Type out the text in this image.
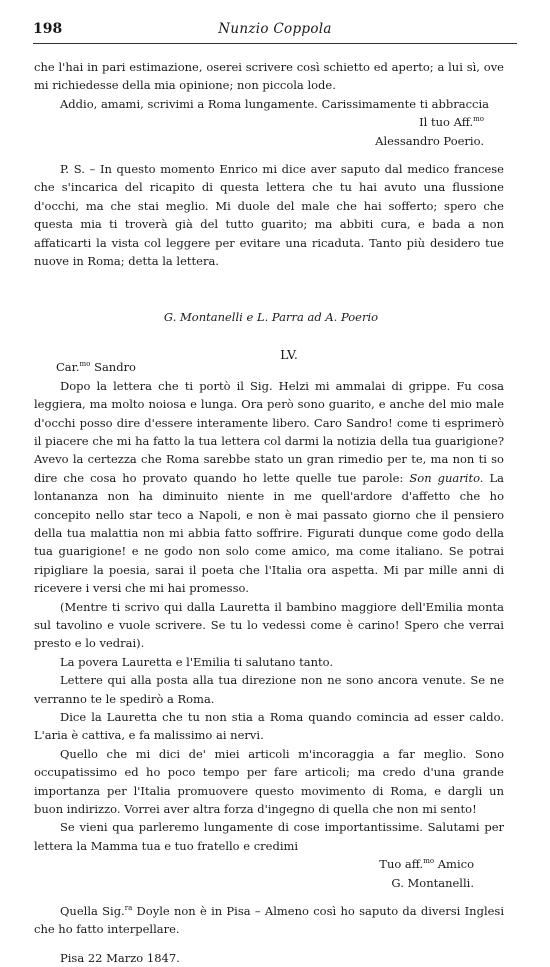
198	Nunzio Coppola

che l'hai in pari estimazione, oserei scrivere così schietto ed aperto; a lui sì, ove mi richiedesse della mia opinione; non piccola lode.

Addio, amami, scrivimi a Roma lungamente. Carissimamente ti abbraccia

Il tuo Aff.$^{mo}$

Alessandro Poerio.

P. S. – In questo momento Enrico mi dice aver saputo dal medico francese che s'incarica del ricapito di questa lettera che tu hai avuto una flussione d'occhi, ma che stai meglio. Mi duole del male che hai sofferto; spero che questa mia ti troverà già del tutto guarito; ma abbiti cura, e bada a non affaticarti la vista col leggere per evitare una ricaduta. Tanto più desidero tue nuove in Roma; detta la lettera.

G. Montanelli e L. Parra ad A. Poerio

LV.

Car.$^{mo}$ Sandro

Dopo la lettera che ti portò il Sig. Helzi mi ammalai di grippe. Fu cosa leggiera, ma molto noiosa e lunga. Ora però sono guarito, e anche del mio male d'occhi posso dire d'essere interamente libero. Caro Sandro! come ti esprimerò il piacere che mi ha fatto la tua lettera col darmi la notizia della tua guarigione? Avevo la certezza che Roma sarebbe stato un gran rimedio per te, ma non ti so dire che cosa ho provato quando ho lette quelle tue parole: Son guarito. La lontananza non ha diminuito niente in me quell'ardore d'affetto che ho concepito nello star teco a Napoli, e non è mai passato giorno che il pensiero della tua malattia non mi abbia fatto soffrire. Figurati dunque come godo della tua guarigione! e ne godo non solo come amico, ma come italiano. Se potrai ripigliare la poesia, sarai il poeta che l'Italia ora aspetta. Mi par mille anni di ricevere i versi che mi hai promesso.

(Mentre ti scrivo qui dalla Lauretta il bambino maggiore dell'Emilia monta sul tavolino e vuole scrivere. Se tu lo vedessi come è carino! Spero che verrai presto e lo vedrai).

La povera Lauretta e l'Emilia ti salutano tanto.

Lettere qui alla posta alla tua direzione non ne sono ancora venute. Se ne verranno te le spedirò a Roma.

Dice la Lauretta che tu non stia a Roma quando comincia ad esser caldo. L'aria è cattiva, e fa malissimo ai nervi.

Quello che mi dici de' miei articoli m'incoraggia a far meglio. Sono occupatissimo ed ho poco tempo per fare articoli; ma credo d'una grande importanza per l'Italia promuovere questo movimento di Roma, e dargli un buon indirizzo. Vorrei aver altra forza d'ingegno di quella che non mi sento!

Se vieni qua parleremo lungamente di cose importantissime. Salutami per lettera la Mamma tua e tuo fratello e credimi

Tuo aff.$^{mo}$ Amico

G. Montanelli.

Quella Sig.$^{ra}$ Doyle non è in Pisa – Almeno così ho saputo da diversi Inglesi che ho fatto interpellare.

Pisa 22 Marzo 1847.
